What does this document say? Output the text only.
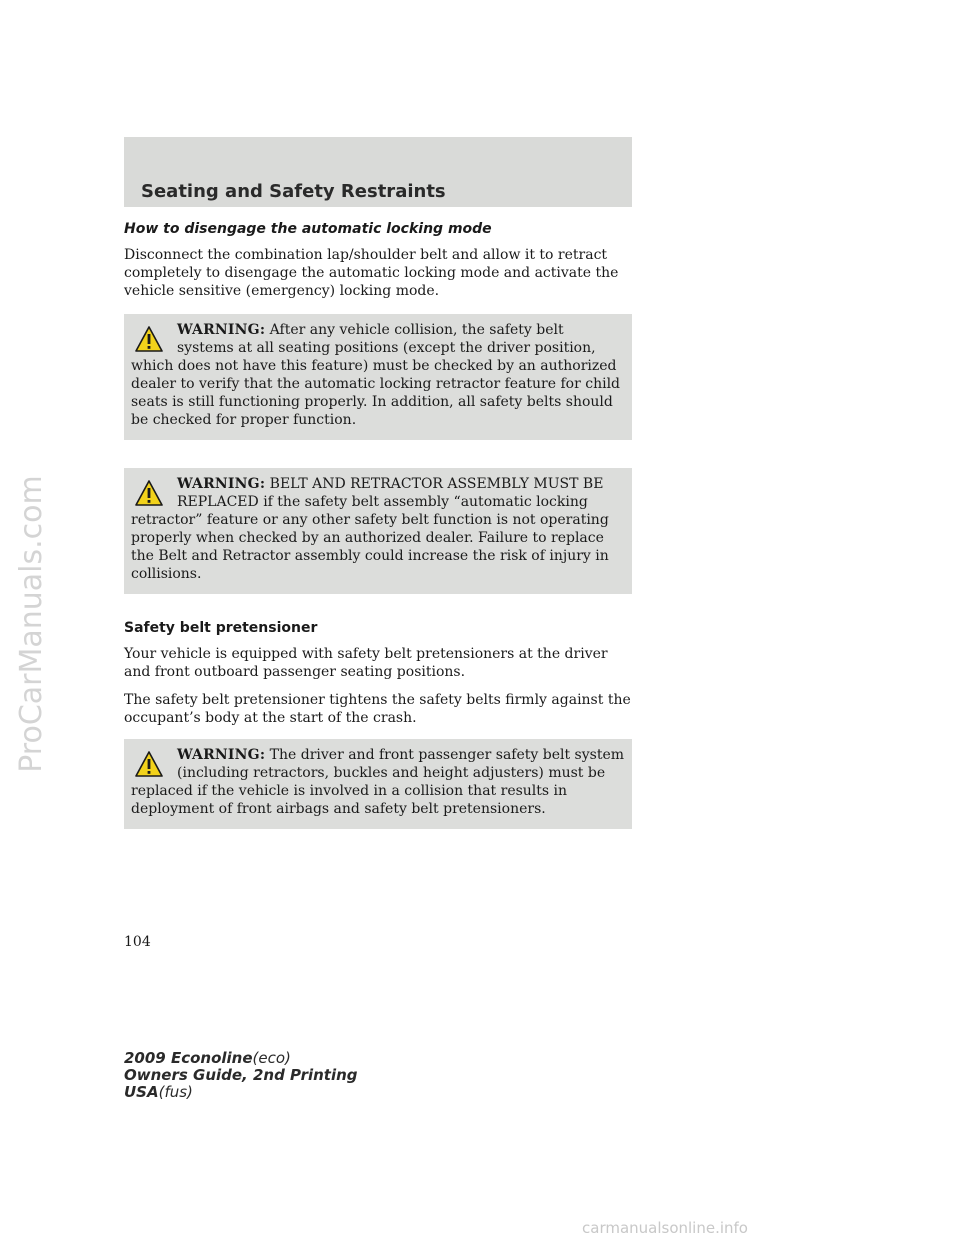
ProCarManuals.com
Seating and Safety Restraints

How to disengage the automatic locking mode

Disconnect the combination lap/shoulder belt and allow it to retract completely to disengage the automatic locking mode and activate the vehicle sensitive (emergency) locking mode.

WARNING: After any vehicle collision, the safety belt systems at all seating positions (except the driver position, which does not have this feature) must be checked by an authorized dealer to verify that the automatic locking retractor feature for child seats is still functioning properly. In addition, all safety belts should be checked for proper function.
WARNING: BELT AND RETRACTOR ASSEMBLY MUST BE REPLACED if the safety belt assembly “automatic locking retractor” feature or any other safety belt function is not operating properly when checked by an authorized dealer. Failure to replace the Belt and Retractor assembly could increase the risk of injury in collisions.

Safety belt pretensioner

Your vehicle is equipped with safety belt pretensioners at the driver and front outboard passenger seating positions.

The safety belt pretensioner tightens the safety belts firmly against the occupant’s body at the start of the crash.

WARNING: The driver and front passenger safety belt system (including retractors, buckles and height adjusters) must be replaced if the vehicle is involved in a collision that results in deployment of front airbags and safety belt pretensioners.
104
2009 Econoline(eco)
Owners Guide, 2nd Printing
USA(fus)
carmanualsonline.info
